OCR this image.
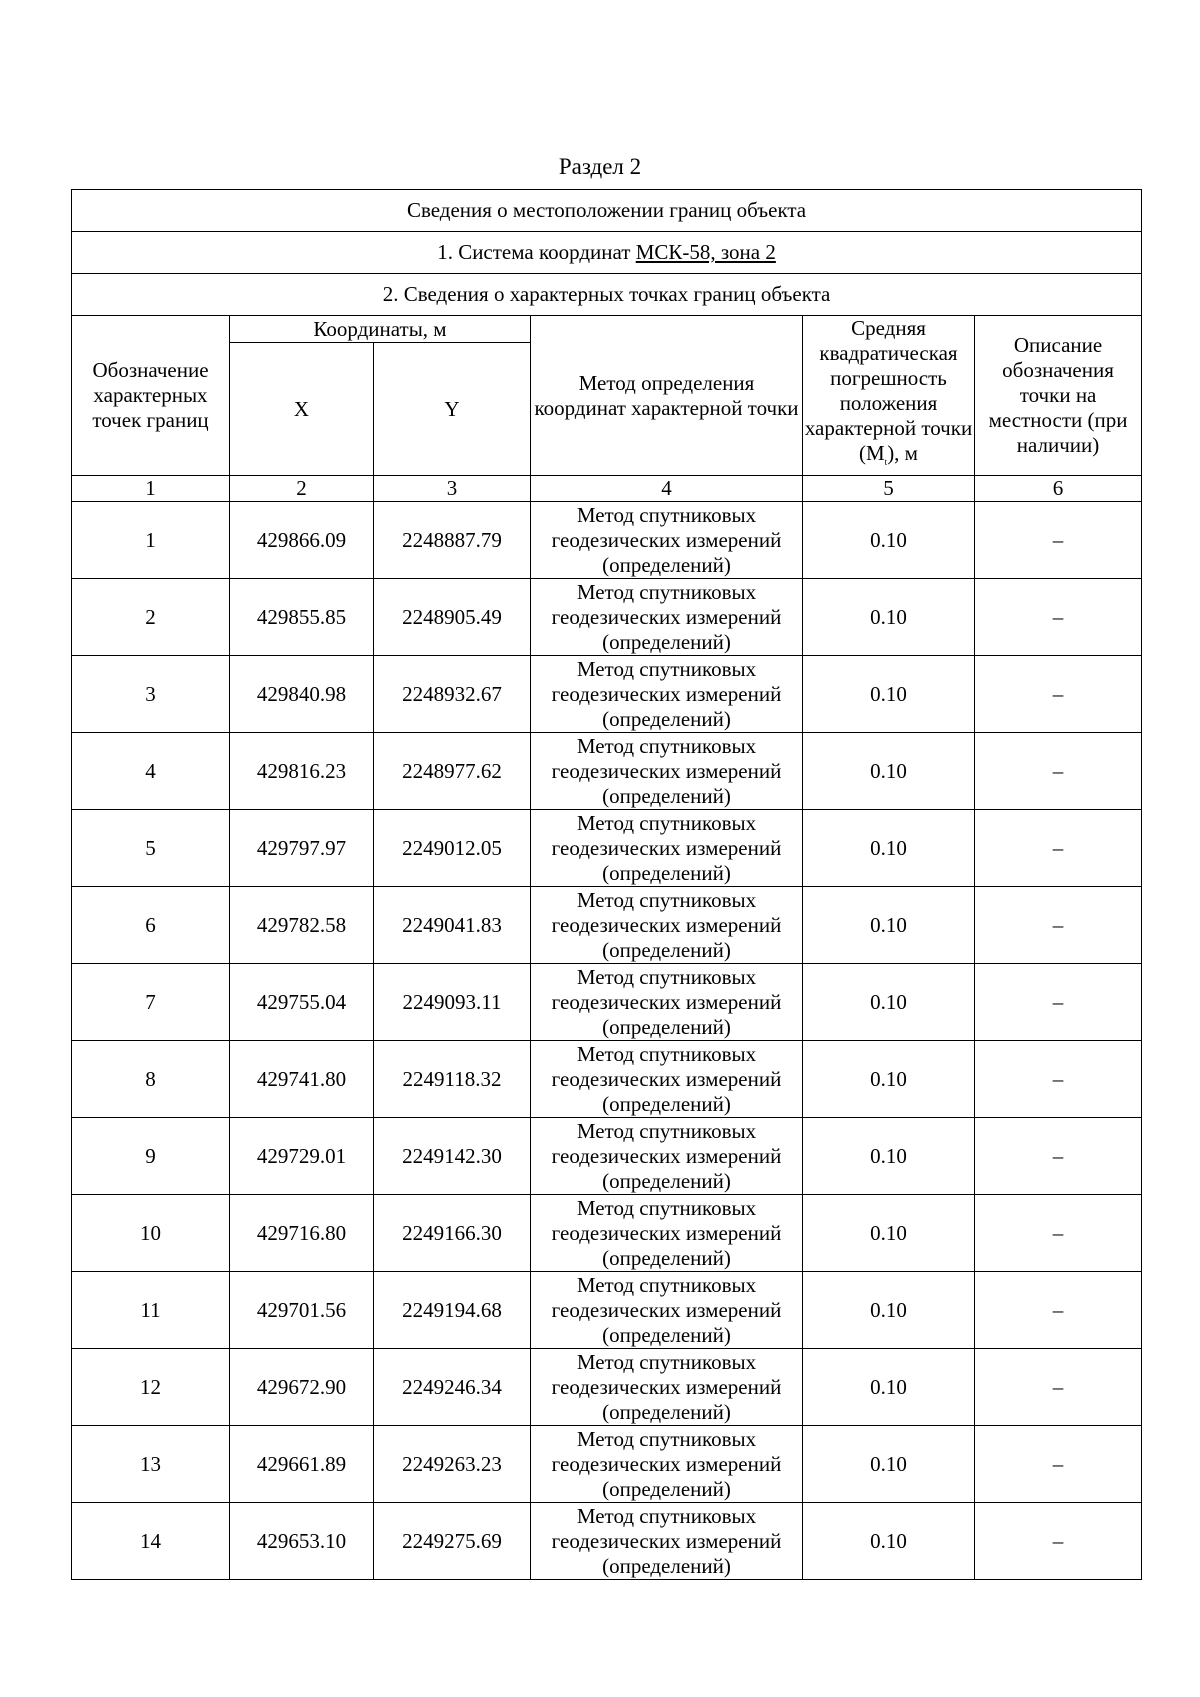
Раздел 2
Сведения о местоположении границ объекта					
1. Система координат МСК-58, зона 2					
2. Сведения о характерных точках границ объекта					
Обозначение характерных точек границ	Координаты, м		Метод определения координат характерной точки	Средняя квадратическая погрешность положения характерной точки $(M_t)$, м	Описание обозначения точки на местности (при наличии)
	X	Y			
1	2	3	4	5	6
1	429866.09	2248887.79	Метод спутниковых геодезических измерений (определений)	0.10	–
2	429855.85	2248905.49	Метод спутниковых геодезических измерений (определений)	0.10	–
3	429840.98	2248932.67	Метод спутниковых геодезических измерений (определений)	0.10	–
4	429816.23	2248977.62	Метод спутниковых геодезических измерений (определений)	0.10	–
5	429797.97	2249012.05	Метод спутниковых геодезических измерений (определений)	0.10	–
6	429782.58	2249041.83	Метод спутниковых геодезических измерений (определений)	0.10	–
7	429755.04	2249093.11	Метод спутниковых геодезических измерений (определений)	0.10	–
8	429741.80	2249118.32	Метод спутниковых геодезических измерений (определений)	0.10	–
9	429729.01	2249142.30	Метод спутниковых геодезических измерений (определений)	0.10	–
10	429716.80	2249166.30	Метод спутниковых геодезических измерений (определений)	0.10	–
11	429701.56	2249194.68	Метод спутниковых геодезических измерений (определений)	0.10	–
12	429672.90	2249246.34	Метод спутниковых геодезических измерений (определений)	0.10	–
13	429661.89	2249263.23	Метод спутниковых геодезических измерений (определений)	0.10	–
14	429653.10	2249275.69	Метод спутниковых геодезических измерений (определений)	0.10	–
